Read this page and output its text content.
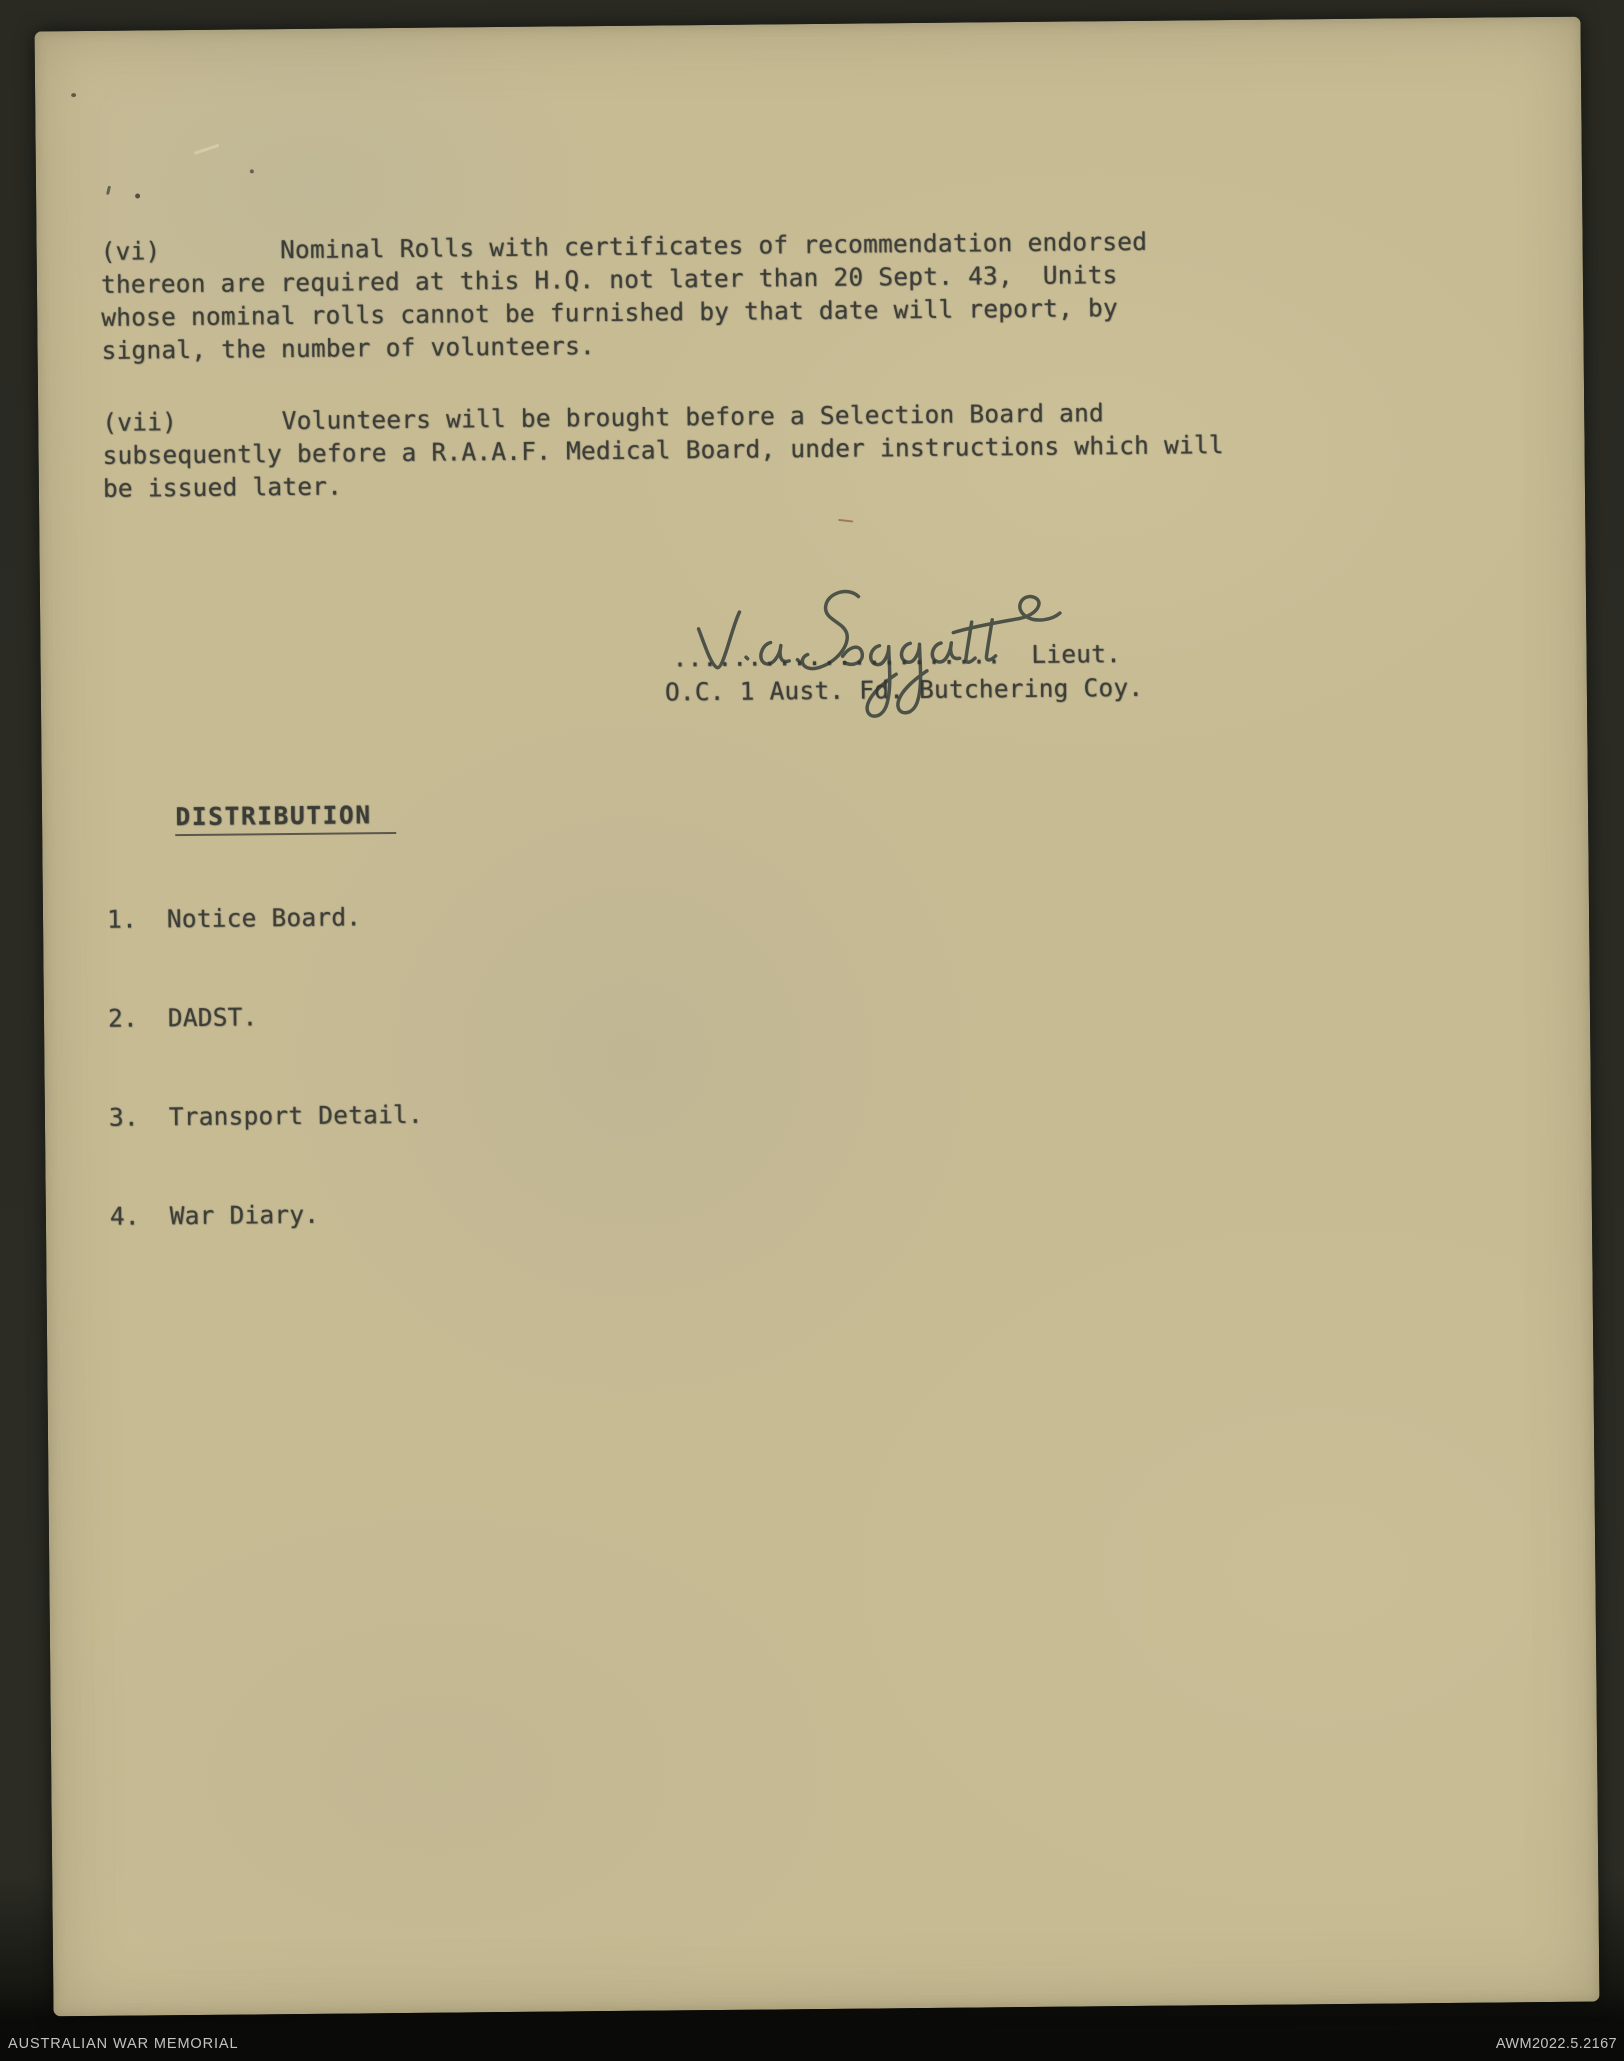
(vi)        Nominal Rolls with certificates of recommendation endorsed
thereon are required at this H.Q. not later than 20 Sept. 43,  Units
whose nominal rolls cannot be furnished by that date will report, by
signal, the number of volunteers.
(vii)       Volunteers will be brought before a Selection Board and
subsequently before a R.A.A.F. Medical Board, under instructions which will
be issued later.
......................  Lieut.
O.C. 1 Aust. Fd. Butchering Coy.

DISTRIBUTION

1.  Notice Board.

2.  DADST.

3.  Transport Detail.

4.  War Diary.

AUSTRALIAN WAR MEMORIAL	AWM2022.5.2167
